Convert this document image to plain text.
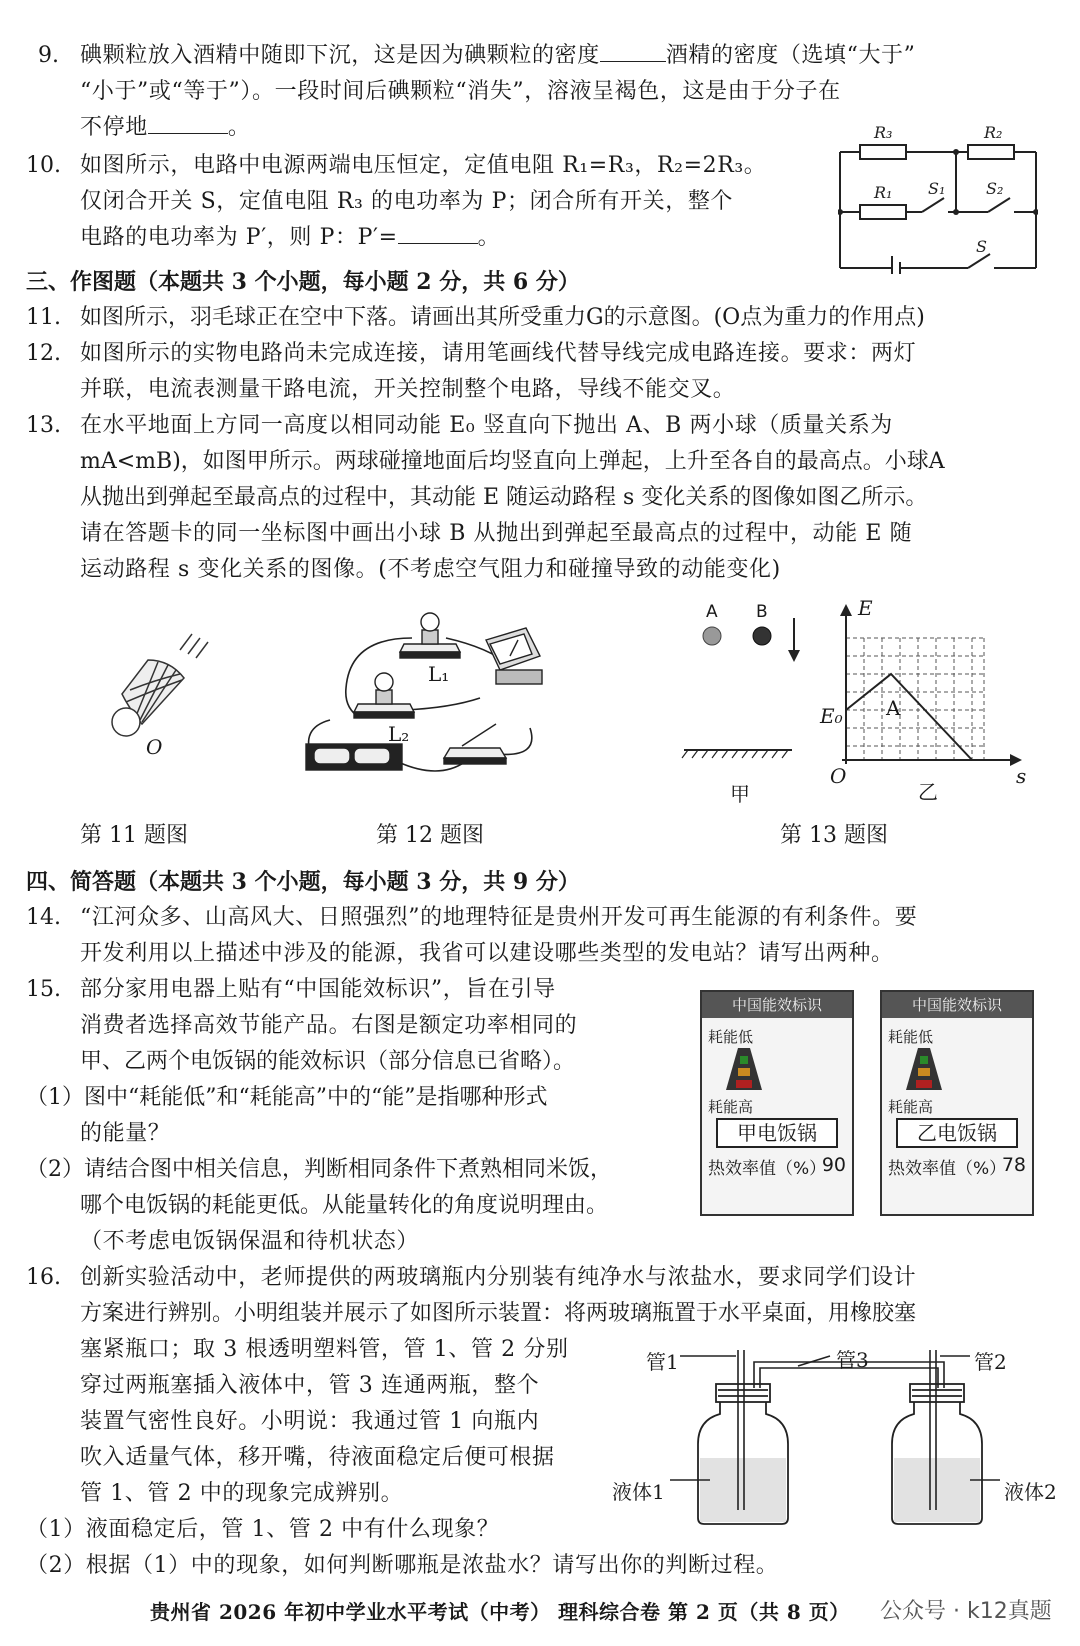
9. 碘颗粒放入酒精中随即下沉，这是因为碘颗粒的密度	酒精的密度（选填“大于”
“小于”或“等于”）。一段时间后碘颗粒“消失”，溶液呈褐色，这是由于分子在
不停地	。
10. 如图所示，电路中电源两端电压恒定，定值电阻 R₁=R₃，R₂=2R₃。
仅闭合开关 S，定值电阻 R₃ 的电功率为 P；闭合所有开关，整个
电路的电功率为 P′，则 P：P′=	。
R₃	R₂
R₁ S₁	S₂
S
三、作图题（本题共 3 个小题，每小题 2 分，共 6 分）
11. 如图所示，羽毛球正在空中下落。请画出其所受重力G的示意图。(O点为重力的作用点)
12. 如图所示的实物电路尚未完成连接，请用笔画线代替导线完成电路连接。要求：两灯
并联，电流表测量干路电流，开关控制整个电路，导线不能交叉。
13. 在水平地面上方同一高度以相同动能 E₀ 竖直向下抛出 A、B 两小球（质量关系为
mA<mB)，如图甲所示。两球碰撞地面后均竖直向上弹起，上升至各自的最高点。小球A
从抛出到弹起至最高点的过程中，其动能 E 随运动路程 s 变化关系的图像如图乙所示。
请在答题卡的同一坐标图中画出小球 B 从抛出到弹起至最高点的过程中，动能 E 随
运动路程 s 变化关系的图像。(不考虑空气阻力和碰撞导致的动能变化)
O
第 11 题图
L₁
L₂
第 12 题图
A B
甲
E
E₀ A
O	s
乙
第 13 题图
四、简答题（本题共 3 个小题，每小题 3 分，共 9 分）
14. “江河众多、山高风大、日照强烈”的地理特征是贵州开发可再生能源的有利条件。要
开发利用以上描述中涉及的能源，我省可以建设哪些类型的发电站？请写出两种。
15. 部分家用电器上贴有“中国能效标识”，旨在引导
消费者选择高效节能产品。右图是额定功率相同的
甲、乙两个电饭锅的能效标识（部分信息已省略）。
（1）图中“耗能低”和“耗能高”中的“能”是指哪种形式
的能量？
（2）请结合图中相关信息，判断相同条件下煮熟相同米饭，
哪个电饭锅的耗能更低。从能量转化的角度说明理由。
（不考虑电饭锅保温和待机状态）
中国能效标识
耗能低
耗能高
甲电饭锅
热效率值（%）
90
中国能效标识
耗能低
耗能高
乙电饭锅
热效率值（%）
78
16. 创新实验活动中，老师提供的两玻璃瓶内分别装有纯净水与浓盐水，要求同学们设计
方案进行辨别。小明组装并展示了如图所示装置：将两玻璃瓶置于水平桌面，用橡胶塞
塞紧瓶口；取 3 根透明塑料管，管 1、管 2 分别
穿过两瓶塞插入液体中，管 3 连通两瓶，整个
装置气密性良好。小明说：我通过管 1 向瓶内
吹入适量气体，移开嘴，待液面稳定后便可根据
管 1、管 2 中的现象完成辨别。
（1）液面稳定后，管 1、管 2 中有什么现象？
（2）根据（1）中的现象，如何判断哪瓶是浓盐水？请写出你的判断过程。
管1	管3	管2
液体1	液体2
贵州省 2026 年初中学业水平考试（中考） 理科综合卷 第 2 页（共 8 页） 公众号 · k12真题
